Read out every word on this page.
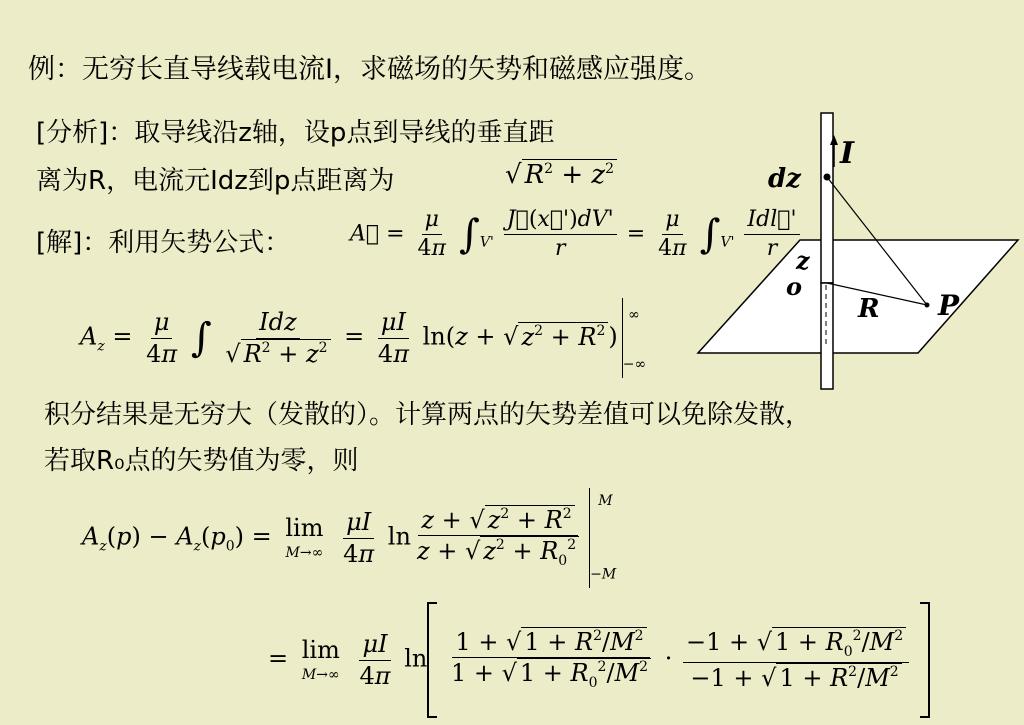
例：无穷长直导线载电流I，求磁场的矢势和磁感应强度。
[分析]：取导线沿z轴，设p点到导线的垂直距
离为R，电流元Idz到p点距离为	√ $R^2 + z^2$
[解]：利用矢势公式：	A⃗ = $\frac{\mu}{4\pi} \int_{V'} \frac{J⃗(x⃗')dV'}{r} = \frac{\mu}{4\pi} \int_{V'} \frac{\text{Idl⃗'}}{r}$
$A_z = \frac{\mu}{4\pi}$ ∫ $\frac{\text{Idz}}{√ R^2 + z^2} = \frac{\mu I}{4\pi} \ln(z$ + √ $z^2 + R^2$ )$_{-\infty}^\infty$
积分结果是无穷大（发散的）。计算两点的矢势差值可以免除发散，
若取R₀点的矢势值为零，则
$A_z(p) - A_z(p_0) = \lim$
M→∞
$\frac{\mu I}{4\pi}$ $\ln \frac{z + √ z^2 + R^2}{z + √ z^2 + R_0^2}$
$_{-M}^M$
= lim
M→∞
$\frac{\mu I}{4\pi}$ $\ln \frac{1 + √ 1 + R^2/M^2}{1 + √ 1 + R_0^2/M^2} \cdot \frac{-1 + √ 1 + R_0^2/M^2}{-1 + √ 1 + R^2/M^2}$

I
dz
z
o
R P
